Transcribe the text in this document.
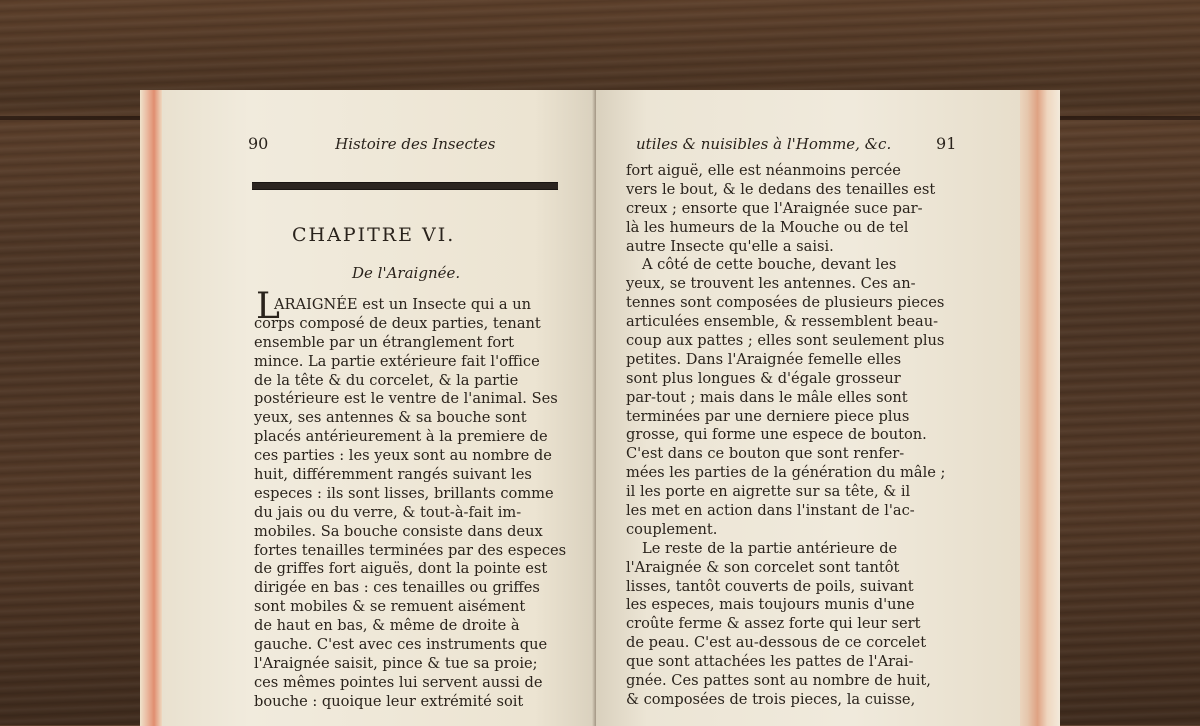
90	Histoire des Insectes
CHAPITRE VI.
De l'Araignée.
L
ARAIGNÉE est un Insecte qui a un
corps composé de deux parties, tenant
ensemble par un étranglement fort
mince. La partie extérieure fait l'office
de la tête & du corcelet, & la partie
postérieure est le ventre de l'animal. Ses
yeux, ses antennes & sa bouche sont
placés antérieurement à la premiere de
ces parties : les yeux sont au nombre de
huit, différemment rangés suivant les
especes : ils sont lisses, brillants comme
du jais ou du verre, & tout-à-fait im-
mobiles. Sa bouche consiste dans deux
fortes tenailles terminées par des especes
de griffes fort aiguës, dont la pointe est
dirigée en bas : ces tenailles ou griffes
sont mobiles & se remuent aisément
de haut en bas, & même de droite à
gauche. C'est avec ces instruments que
l'Araignée saisit, pince & tue sa proie;
ces mêmes pointes lui servent aussi de
bouche : quoique leur extrémité soit
utiles & nuisibles à l'Homme, &c.	91
fort aiguë, elle est néanmoins percée
vers le bout, & le dedans des tenailles est
creux ; ensorte que l'Araignée suce par-
là les humeurs de la Mouche ou de tel
autre Insecte qu'elle a saisi.
A côté de cette bouche, devant les
yeux, se trouvent les antennes. Ces an-
tennes sont composées de plusieurs pieces
articulées ensemble, & ressemblent beau-
coup aux pattes ; elles sont seulement plus
petites. Dans l'Araignée femelle elles
sont plus longues & d'égale grosseur
par-tout ; mais dans le mâle elles sont
terminées par une derniere piece plus
grosse, qui forme une espece de bouton.
C'est dans ce bouton que sont renfer-
mées les parties de la génération du mâle ;
il les porte en aigrette sur sa tête, & il
les met en action dans l'instant de l'ac-
couplement.
Le reste de la partie antérieure de
l'Araignée & son corcelet sont tantôt
lisses, tantôt couverts de poils, suivant
les especes, mais toujours munis d'une
croûte ferme & assez forte qui leur sert
de peau. C'est au-dessous de ce corcelet
que sont attachées les pattes de l'Arai-
gnée. Ces pattes sont au nombre de huit,
& composées de trois pieces, la cuisse,
